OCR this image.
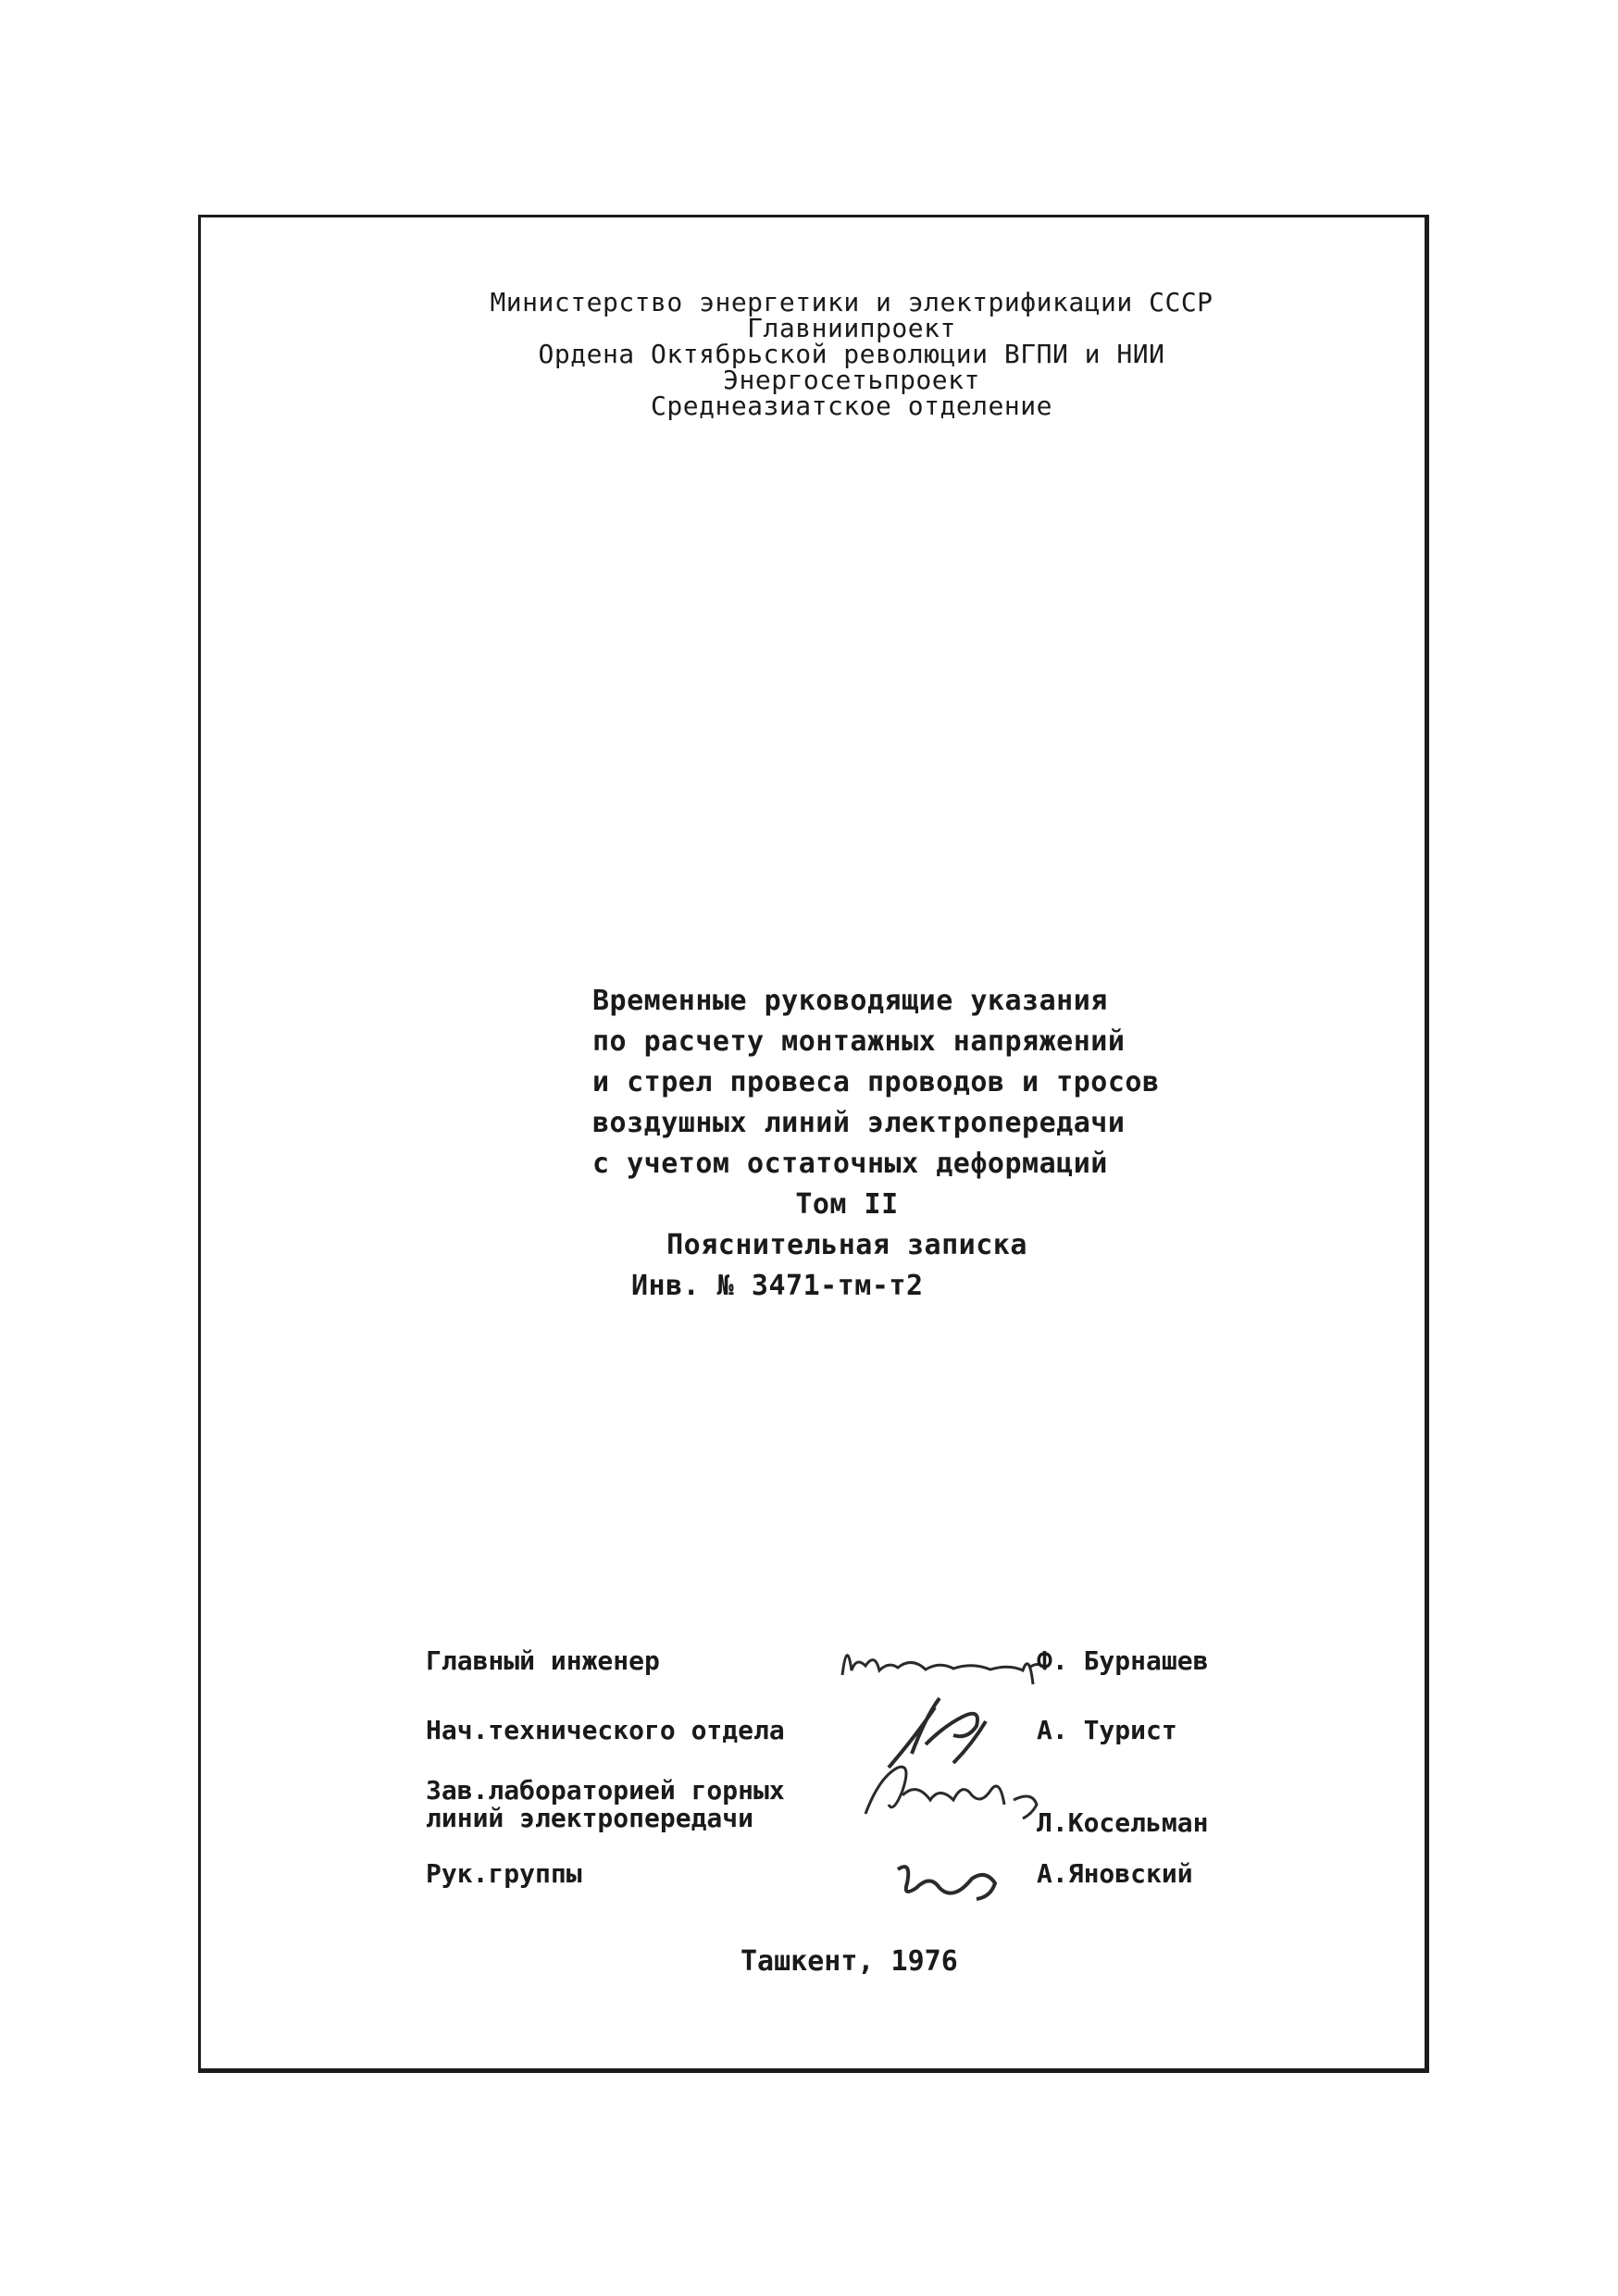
Министерство энергетики и электрификации СССР
Главниипроект
Ордена Октябрьской революции ВГПИ и НИИ
Энергосетьпроект
Среднеазиатское отделение
Временные руководящие указания
по расчету монтажных напряжений
и стрел провеса проводов и тросов
воздушных линий электропередачи
с учетом остаточных деформаций
Том II
Пояснительная записка
Инв. № 3471-тм-т2
Главный инженер	Ф. Бурнашев
Нач.технического отдела	А. Турист
Зав.лабораторией горных
линий электропередачи	Л.Косельман
Рук.группы	А.Яновский
Ташкент, 1976
